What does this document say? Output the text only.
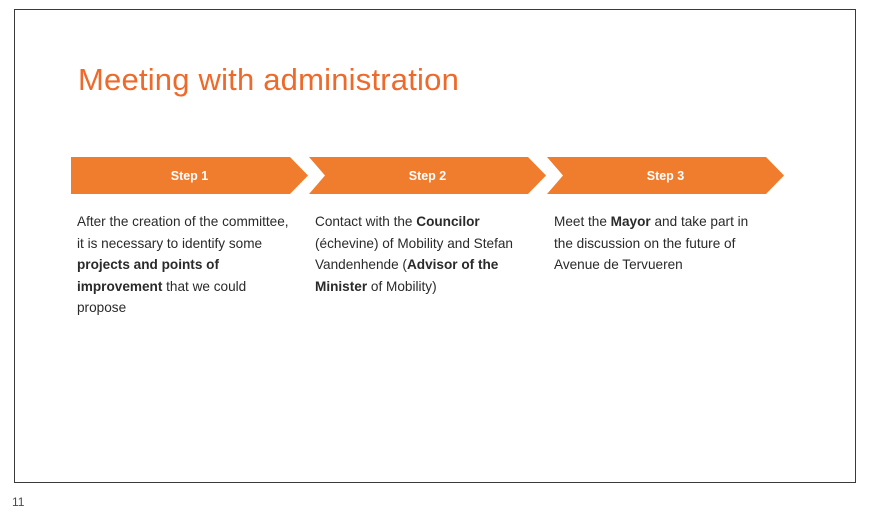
Meeting with administration
Step 1	Step 2	Step 3
After the creation of the committee, it is necessary to identify some projects and points of improvement that we could propose
Contact with the Councilor (échevine) of Mobility and Stefan Vandenhende (Advisor of the Minister of Mobility)
Meet the Mayor and take part in the discussion on the future of Avenue de Tervueren
11
